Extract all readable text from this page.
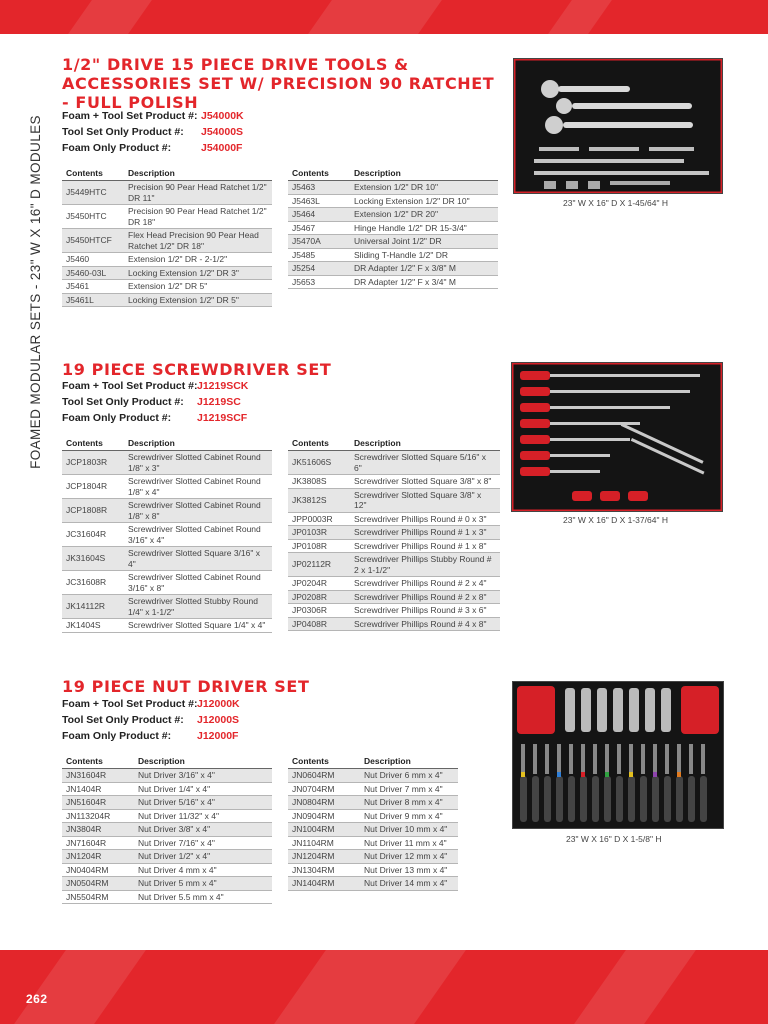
FOAMED MODULAR SETS - 23" W X 16" D MODULES
1/2" DRIVE 15 PIECE DRIVE TOOLS & ACCESSORIES SET W/ PRECISION 90 RATCHET - FULL POLISH
Foam + Tool Set Product #: J54000K
Tool Set Only Product #:	J54000S
Foam Only Product #:	J54000F
Contents	Description
J5449HTC	Precision 90 Pear Head Ratchet 1/2" DR 11"
J5450HTC	Precision 90 Pear Head Ratchet 1/2" DR 18"
J5450HTCF	Flex Head Precision 90 Pear Head Ratchet 1/2" DR 18"
J5460	Extension 1/2" DR - 2-1/2"
J5460-03L	Locking Extension 1/2" DR 3"
J5461	Extension 1/2" DR 5"
J5461L	Locking Extension 1/2" DR 5"
Contents	Description
J5463	Extension 1/2" DR 10"
J5463L	Locking Extension 1/2" DR 10"
J5464	Extension 1/2" DR 20"
J5467	Hinge Handle 1/2" DR 15-3/4"
J5470A	Universal Joint 1/2" DR
J5485	Sliding T-Handle 1/2" DR
J5254	DR Adapter 1/2" F x 3/8" M
J5653	DR Adapter 1/2" F x 3/4" M
23" W X 16" D X 1-45/64" H
19 PIECE SCREWDRIVER SET
Foam + Tool Set Product #: J1219SCK
Tool Set Only Product #:	J1219SC
Foam Only Product #:	J1219SCF
Contents	Description
JCP1803R	Screwdriver Slotted Cabinet Round 1/8" x 3"
JCP1804R	Screwdriver Slotted Cabinet Round 1/8" x 4"
JCP1808R	Screwdriver Slotted Cabinet Round 1/8" x 8"
JC31604R	Screwdriver Slotted Cabinet Round 3/16" x 4"
JK31604S	Screwdriver Slotted Square 3/16" x 4"
JC31608R	Screwdriver Slotted Cabinet Round 3/16" x 8"
JK14112R	Screwdriver Slotted Stubby Round 1/4" x 1-1/2"
JK1404S	Screwdriver Slotted Square 1/4" x 4"
Contents	Description
JK51606S	Screwdriver Slotted Square 5/16" x 6"
JK3808S	Screwdriver Slotted Square 3/8" x 8"
JK3812S	Screwdriver Slotted Square 3/8" x 12"
JPP0003R	Screwdriver Phillips Round # 0 x 3"
JP0103R	Screwdriver Phillips Round # 1 x 3"
JP0108R	Screwdriver Phillips Round # 1 x 8"
JP02112R	Screwdriver Phillips Stubby Round # 2 x 1-1/2"
JP0204R	Screwdriver Phillips Round # 2 x 4"
JP0208R	Screwdriver Phillips Round # 2 x 8"
JP0306R	Screwdriver Phillips Round # 3 x 6"
JP0408R	Screwdriver Phillips Round # 4 x 8"
23" W X 16" D X 1-37/64" H
19 PIECE NUT DRIVER SET
Foam + Tool Set Product #: J12000K
Tool Set Only Product #:	J12000S
Foam Only Product #:	J12000F
Contents	Description
JN31604R	Nut Driver 3/16" x 4"
JN1404R	Nut Driver 1/4" x 4"
JN51604R	Nut Driver 5/16" x 4"
JN113204R	Nut Driver 11/32" x 4"
JN3804R	Nut Driver 3/8" x 4"
JN71604R	Nut Driver 7/16" x 4"
JN1204R	Nut Driver 1/2" x 4"
JN0404RM	Nut Driver 4 mm x 4"
JN0504RM	Nut Driver 5 mm x 4"
JN5504RM	Nut Driver 5.5 mm x 4"
Contents	Description
JN0604RM	Nut Driver 6 mm x 4"
JN0704RM	Nut Driver 7 mm x 4"
JN0804RM	Nut Driver 8 mm x 4"
JN0904RM	Nut Driver 9 mm x 4"
JN1004RM	Nut Driver 10 mm x 4"
JN1104RM	Nut Driver 11 mm x 4"
JN1204RM	Nut Driver 12 mm x 4"
JN1304RM	Nut Driver 13 mm x 4"
JN1404RM	Nut Driver 14 mm x 4"
23" W X 16" D X 1-5/8" H
262
